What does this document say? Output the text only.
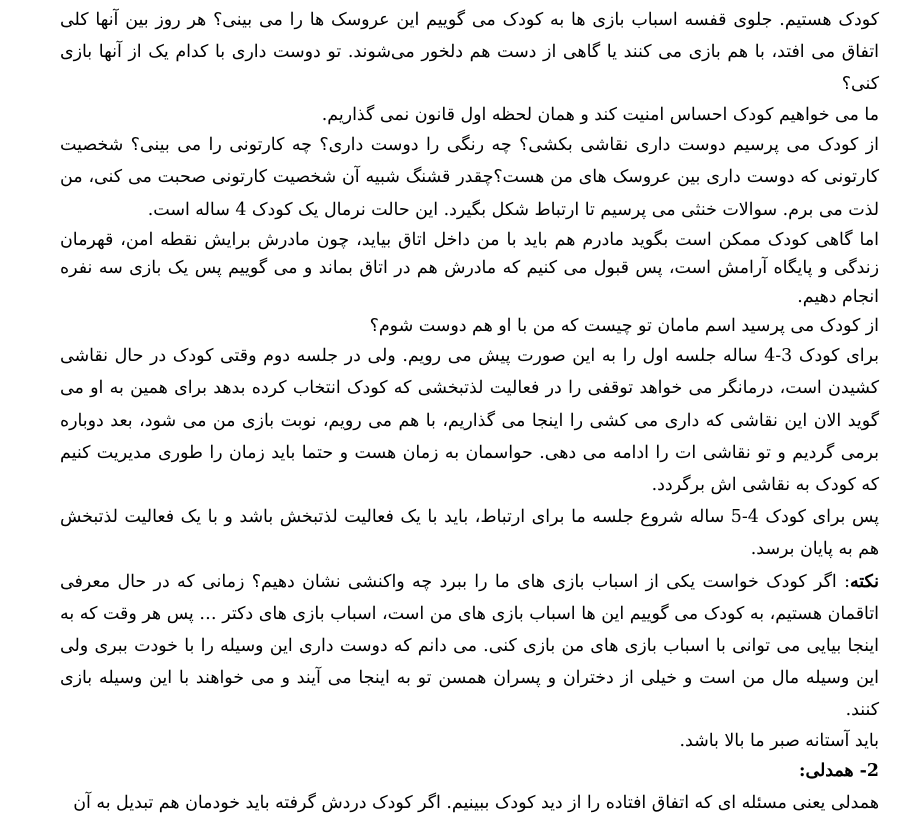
کودک هستیم. جلوی قفسه اسباب بازی ها به کودک می گوییم این عروسک ها را می بینی؟ هر روز بین آنها کلی اتفاق می افتد، با هم بازی می کنند یا گاهی از دست هم دلخور می‌شوند. تو دوست داری با کدام یک از آنها بازی کنی؟

ما می خواهیم کودک احساس امنیت کند و همان لحظه اول قانون نمی گذاریم.

از کودک می پرسیم دوست داری نقاشی بکشی؟ چه رنگی را دوست داری؟ چه کارتونی را می بینی؟ شخصیت کارتونی که دوست داری بین عروسک های من هست؟چقدر قشنگ شبیه آن شخصیت کارتونی صحبت می کنی، من لذت می برم. سوالات خنثی می پرسیم تا ارتباط شکل بگیرد. این حالت نرمال یک کودک 4 ساله است.

اما گاهی کودک ممکن است بگوید مادرم هم باید با من داخل اتاق بیاید، چون مادرش برایش نقطه امن، قهرمان زندگی و پایگاه آرامش است، پس قبول می کنیم که مادرش هم در اتاق بماند و می گوییم پس یک بازی سه نفره انجام دهیم.

از کودک می پرسید اسم مامان تو چیست که من با او هم دوست شوم؟

برای کودک 3-4 ساله جلسه اول را به این صورت پیش می رویم. ولی در جلسه دوم وقتی کودک در حال نقاشی کشیدن است، درمانگر می خواهد توقفی را در فعالیت لذتبخشی که کودک انتخاب کرده بدهد برای همین به او می گوید الان این نقاشی که داری می کشی را اینجا می گذاریم، با هم می رویم، نوبت بازی من می شود، بعد دوباره برمی گردیم و تو نقاشی ات را ادامه می دهی. حواسمان به زمان هست و حتما باید زمان را طوری مدیریت کنیم که کودک به نقاشی اش برگردد.

پس برای کودک 4-5 ساله شروع جلسه ما برای ارتباط، باید با یک فعالیت لذتبخش باشد و با یک فعالیت لذتبخش هم به پایان برسد.

نکته: اگر کودک خواست یکی از اسباب بازی های ما را ببرد چه واکنشی نشان دهیم؟ زمانی که در حال معرفی اتاقمان هستیم، به کودک می گوییم این ها اسباب بازی های من است، اسباب بازی های دکتر … پس هر وقت که به اینجا بیایی می توانی با اسباب بازی های من بازی کنی. می دانم که دوست داری این وسیله را با خودت ببری ولی این وسیله مال من است و خیلی از دختران و پسران همسن تو به اینجا می آیند و می خواهند با این وسیله بازی کنند.

باید آستانه صبر ما بالا باشد.

2- همدلی:

همدلی یعنی مسئله ای که اتفاق افتاده را از دید کودک ببینیم. اگر کودک دردش گرفته باید خودمان هم تبدیل به آن
